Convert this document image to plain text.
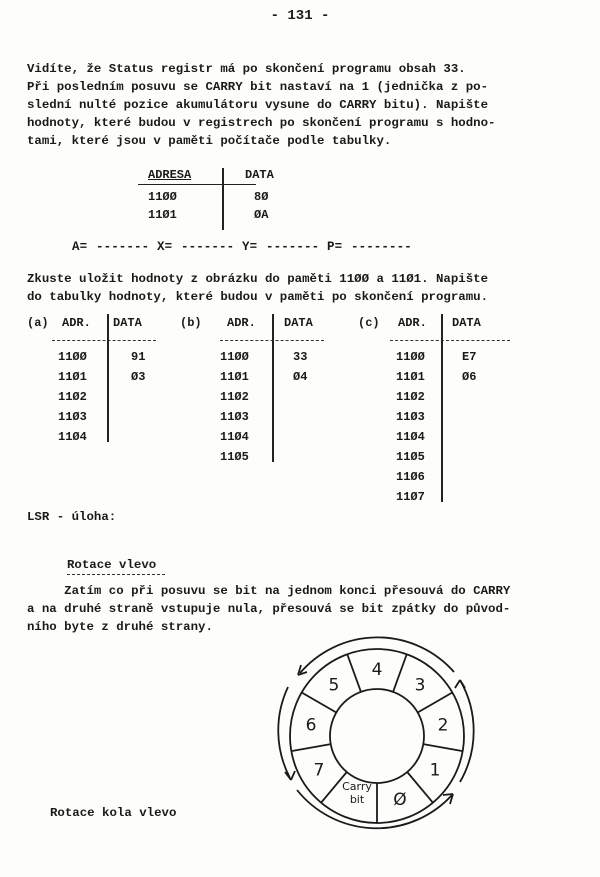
- 131 -
Vidíte, že Status registr má po skončení programu obsah 33.
Při posledním posuvu se CARRY bit nastaví na 1 (jednička z po-
slední nulté pozice akumulátoru vysune do CARRY bitu). Napište
hodnoty, které budou v registrech po skončení programu s hodno-
tami, které jsou v paměti počítače podle tabulky.
ADRESA	DATA
11ØØ	8Ø
11Ø1	ØA
A= ------- X= ------- Y= ------- P= --------
Zkuste uložit hodnoty z obrázku do paměti 11ØØ a 11Ø1. Napište
do tabulky hodnoty, které budou v paměti po skončení programu.
(a) ADR. DATA
11ØØ	91
11Ø1	Ø3
11Ø2
11Ø3
11Ø4
(b) ADR. DATA
11ØØ	33
11Ø1	Ø4
11Ø2
11Ø3
11Ø4
11Ø5
(c) ADR. DATA
11ØØ	E7
11Ø1	Ø6
11Ø2
11Ø3
11Ø4
11Ø5
11Ø6
11Ø7
LSR - úloha:
Rotace vlevo
Zatím co při posuvu se bit na jednom konci přesouvá do CARRY
a na druhé straně vstupuje nula, přesouvá se bit zpátky do původ-
ního byte z druhé strany.
4
3
2
1
Ø
7
6
5
Carry
bit
Rotace kola vlevo
